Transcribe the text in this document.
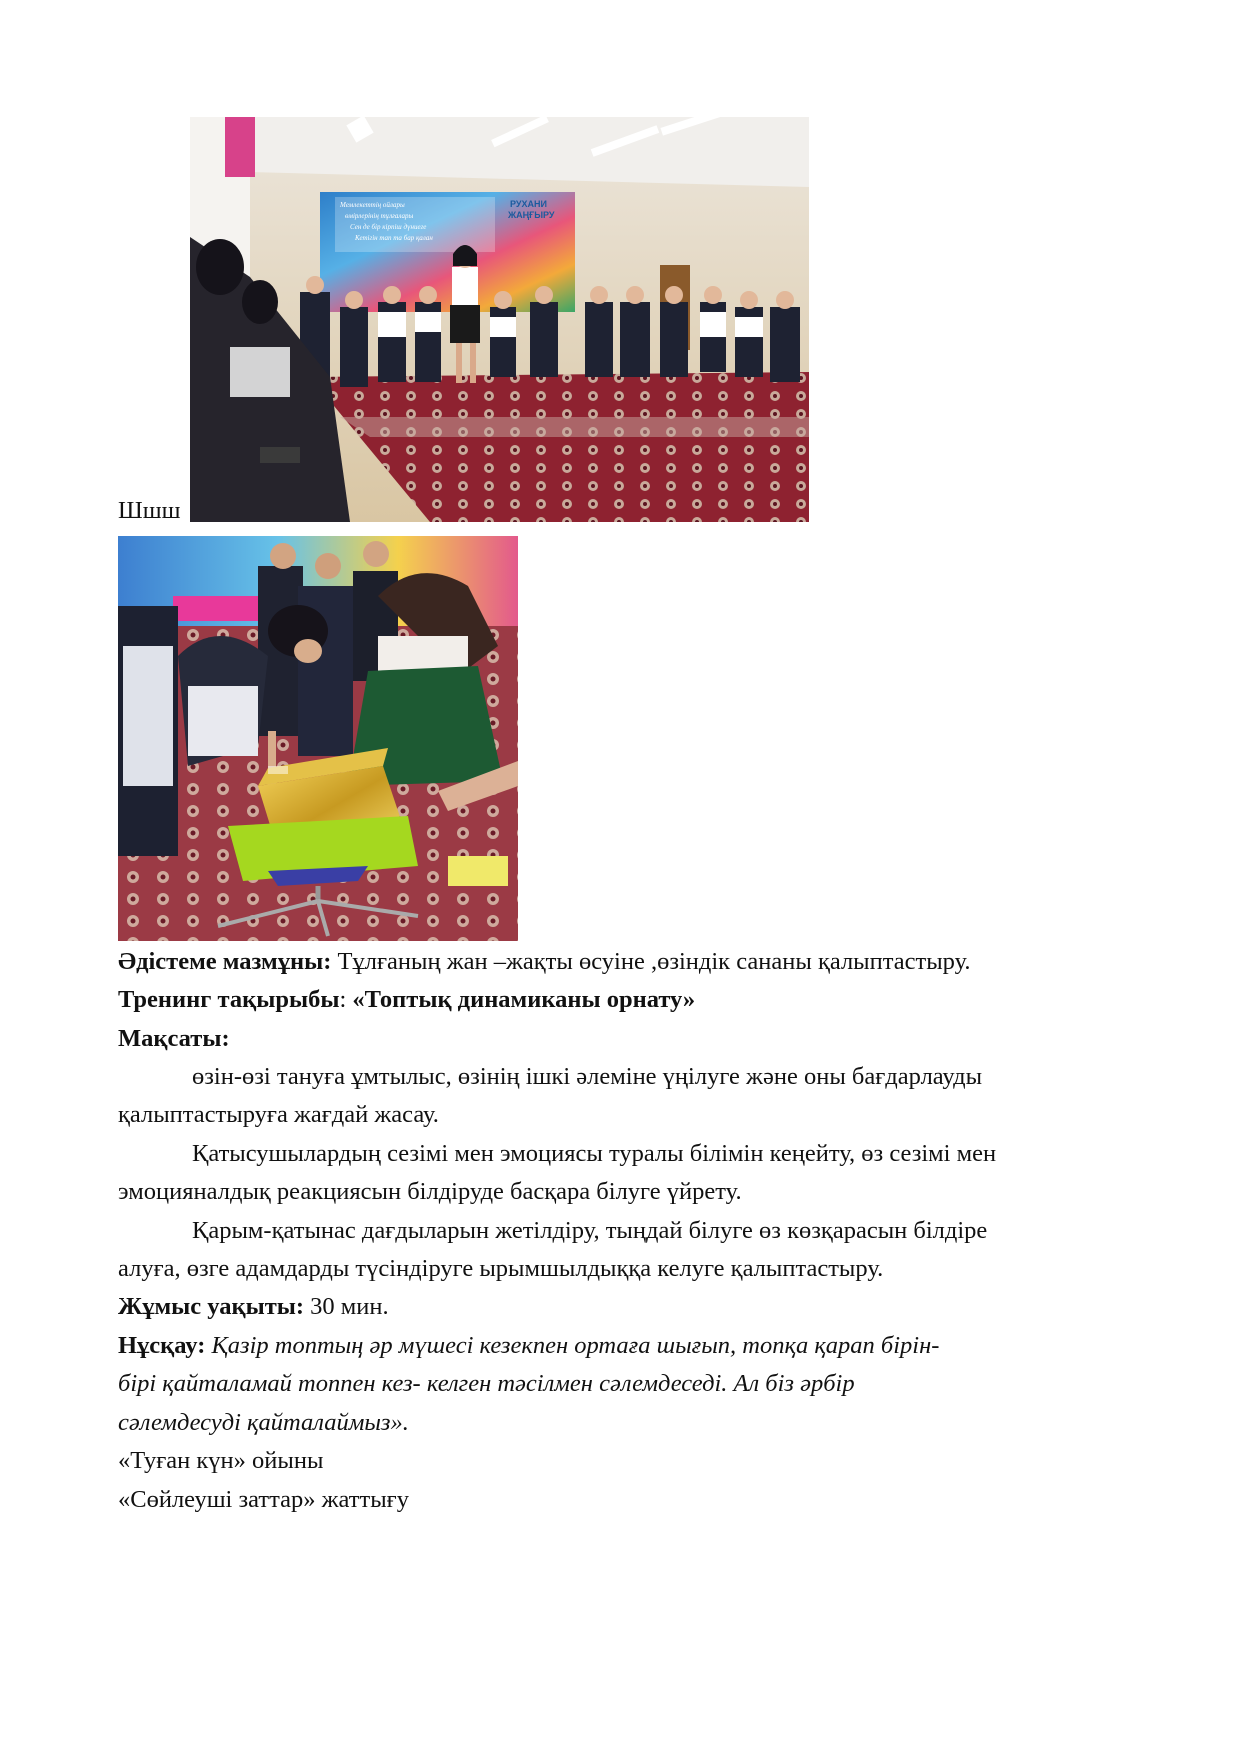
РУХАНИ
ЖАҢҒЫРУ
Мемлекеттің ойлары
өмірлерінің тұлғалары
Сен де бір кірпіш дүниеге
Кетігін тап та бар қалан
Шшш
Әдістеме мазмұны: Тұлғаның жан –жақты өсуіне ,өзіндік сананы қалыптастыру.
Тренинг тақырыбы: «Топтық динамиканы орнату»
Мақсаты:
өзін-өзі тануға ұмтылыс, өзінің ішкі әлеміне үңілуге және оны бағдарлауды
қалыптастыруға жағдай жасау.
Қатысушылардың сезімі мен эмоциясы туралы білімін кеңейту, өз сезімі мен
эмоцияналдық реакциясын білдіруде басқара білуге үйрету.
Қарым-қатынас дағдыларын жетілдіру, тыңдай білуге өз көзқарасын білдіре
алуға, өзге адамдарды түсіндіруге ырымшылдыққа келуге қалыптастыру.
Жұмыс уақыты: 30 мин.
Нұсқау: Қазір топтың әр мүшесі кезекпен ортаға шығып, топқа қарап бірін-
бірі қайталамай топпен кез- келген тәсілмен сәлемдеседі. Ал біз әрбір
сәлемдесуді қайталаймыз».
«Туған күн» ойыны
«Сөйлеуші заттар» жаттығу
